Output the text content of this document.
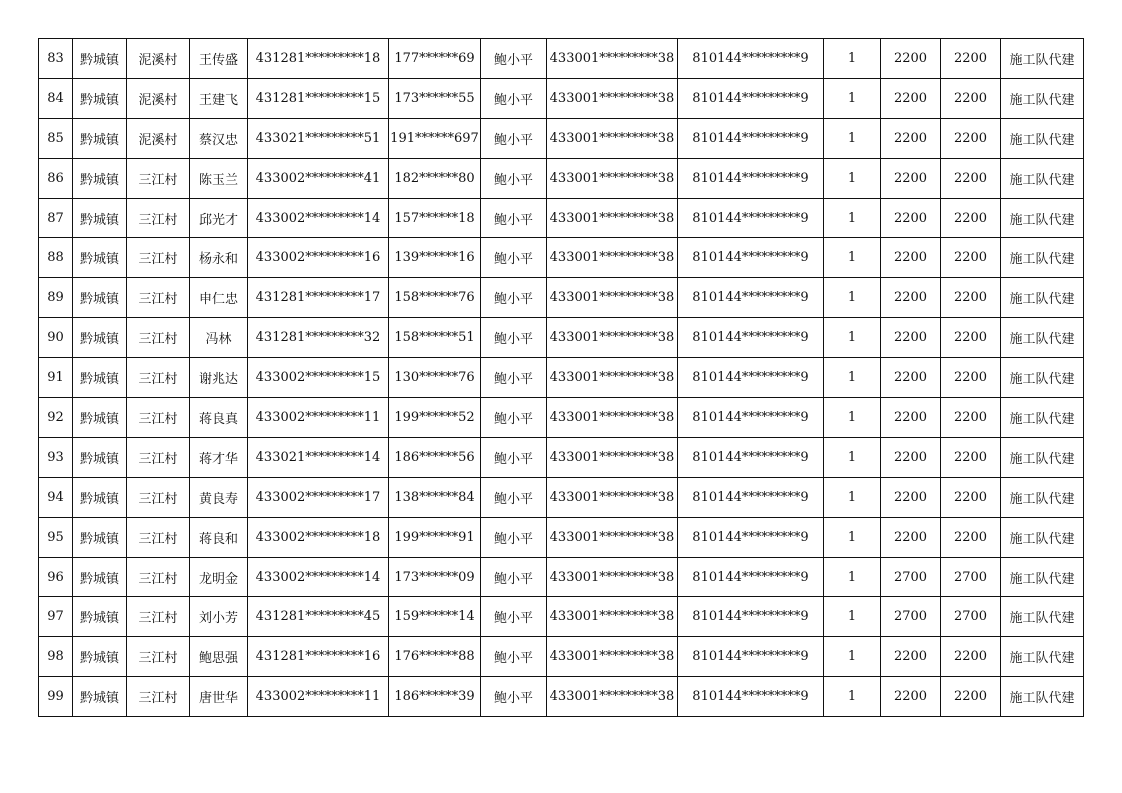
83	黔城镇	泥溪村	王传盛	431281*********18	177******69	鲍小平	433001*********38	810144*********9	1	2200	2200	施工队代建
84	黔城镇	泥溪村	王建飞	431281*********15	173******55	鲍小平	433001*********38	810144*********9	1	2200	2200	施工队代建
85	黔城镇	泥溪村	蔡汉忠	433021*********51	191******697	鲍小平	433001*********38	810144*********9	1	2200	2200	施工队代建
86	黔城镇	三江村	陈玉兰	433002*********41	182******80	鲍小平	433001*********38	810144*********9	1	2200	2200	施工队代建
87	黔城镇	三江村	邱光才	433002*********14	157******18	鲍小平	433001*********38	810144*********9	1	2200	2200	施工队代建
88	黔城镇	三江村	杨永和	433002*********16	139******16	鲍小平	433001*********38	810144*********9	1	2200	2200	施工队代建
89	黔城镇	三江村	申仁忠	431281*********17	158******76	鲍小平	433001*********38	810144*********9	1	2200	2200	施工队代建
90	黔城镇	三江村	冯林	431281*********32	158******51	鲍小平	433001*********38	810144*********9	1	2200	2200	施工队代建
91	黔城镇	三江村	谢兆达	433002*********15	130******76	鲍小平	433001*********38	810144*********9	1	2200	2200	施工队代建
92	黔城镇	三江村	蒋良真	433002*********11	199******52	鲍小平	433001*********38	810144*********9	1	2200	2200	施工队代建
93	黔城镇	三江村	蒋才华	433021*********14	186******56	鲍小平	433001*********38	810144*********9	1	2200	2200	施工队代建
94	黔城镇	三江村	黄良寿	433002*********17	138******84	鲍小平	433001*********38	810144*********9	1	2200	2200	施工队代建
95	黔城镇	三江村	蒋良和	433002*********18	199******91	鲍小平	433001*********38	810144*********9	1	2200	2200	施工队代建
96	黔城镇	三江村	龙明金	433002*********14	173******09	鲍小平	433001*********38	810144*********9	1	2700	2700	施工队代建
97	黔城镇	三江村	刘小芳	431281*********45	159******14	鲍小平	433001*********38	810144*********9	1	2700	2700	施工队代建
98	黔城镇	三江村	鲍思强	431281*********16	176******88	鲍小平	433001*********38	810144*********9	1	2200	2200	施工队代建
99	黔城镇	三江村	唐世华	433002*********11	186******39	鲍小平	433001*********38	810144*********9	1	2200	2200	施工队代建
